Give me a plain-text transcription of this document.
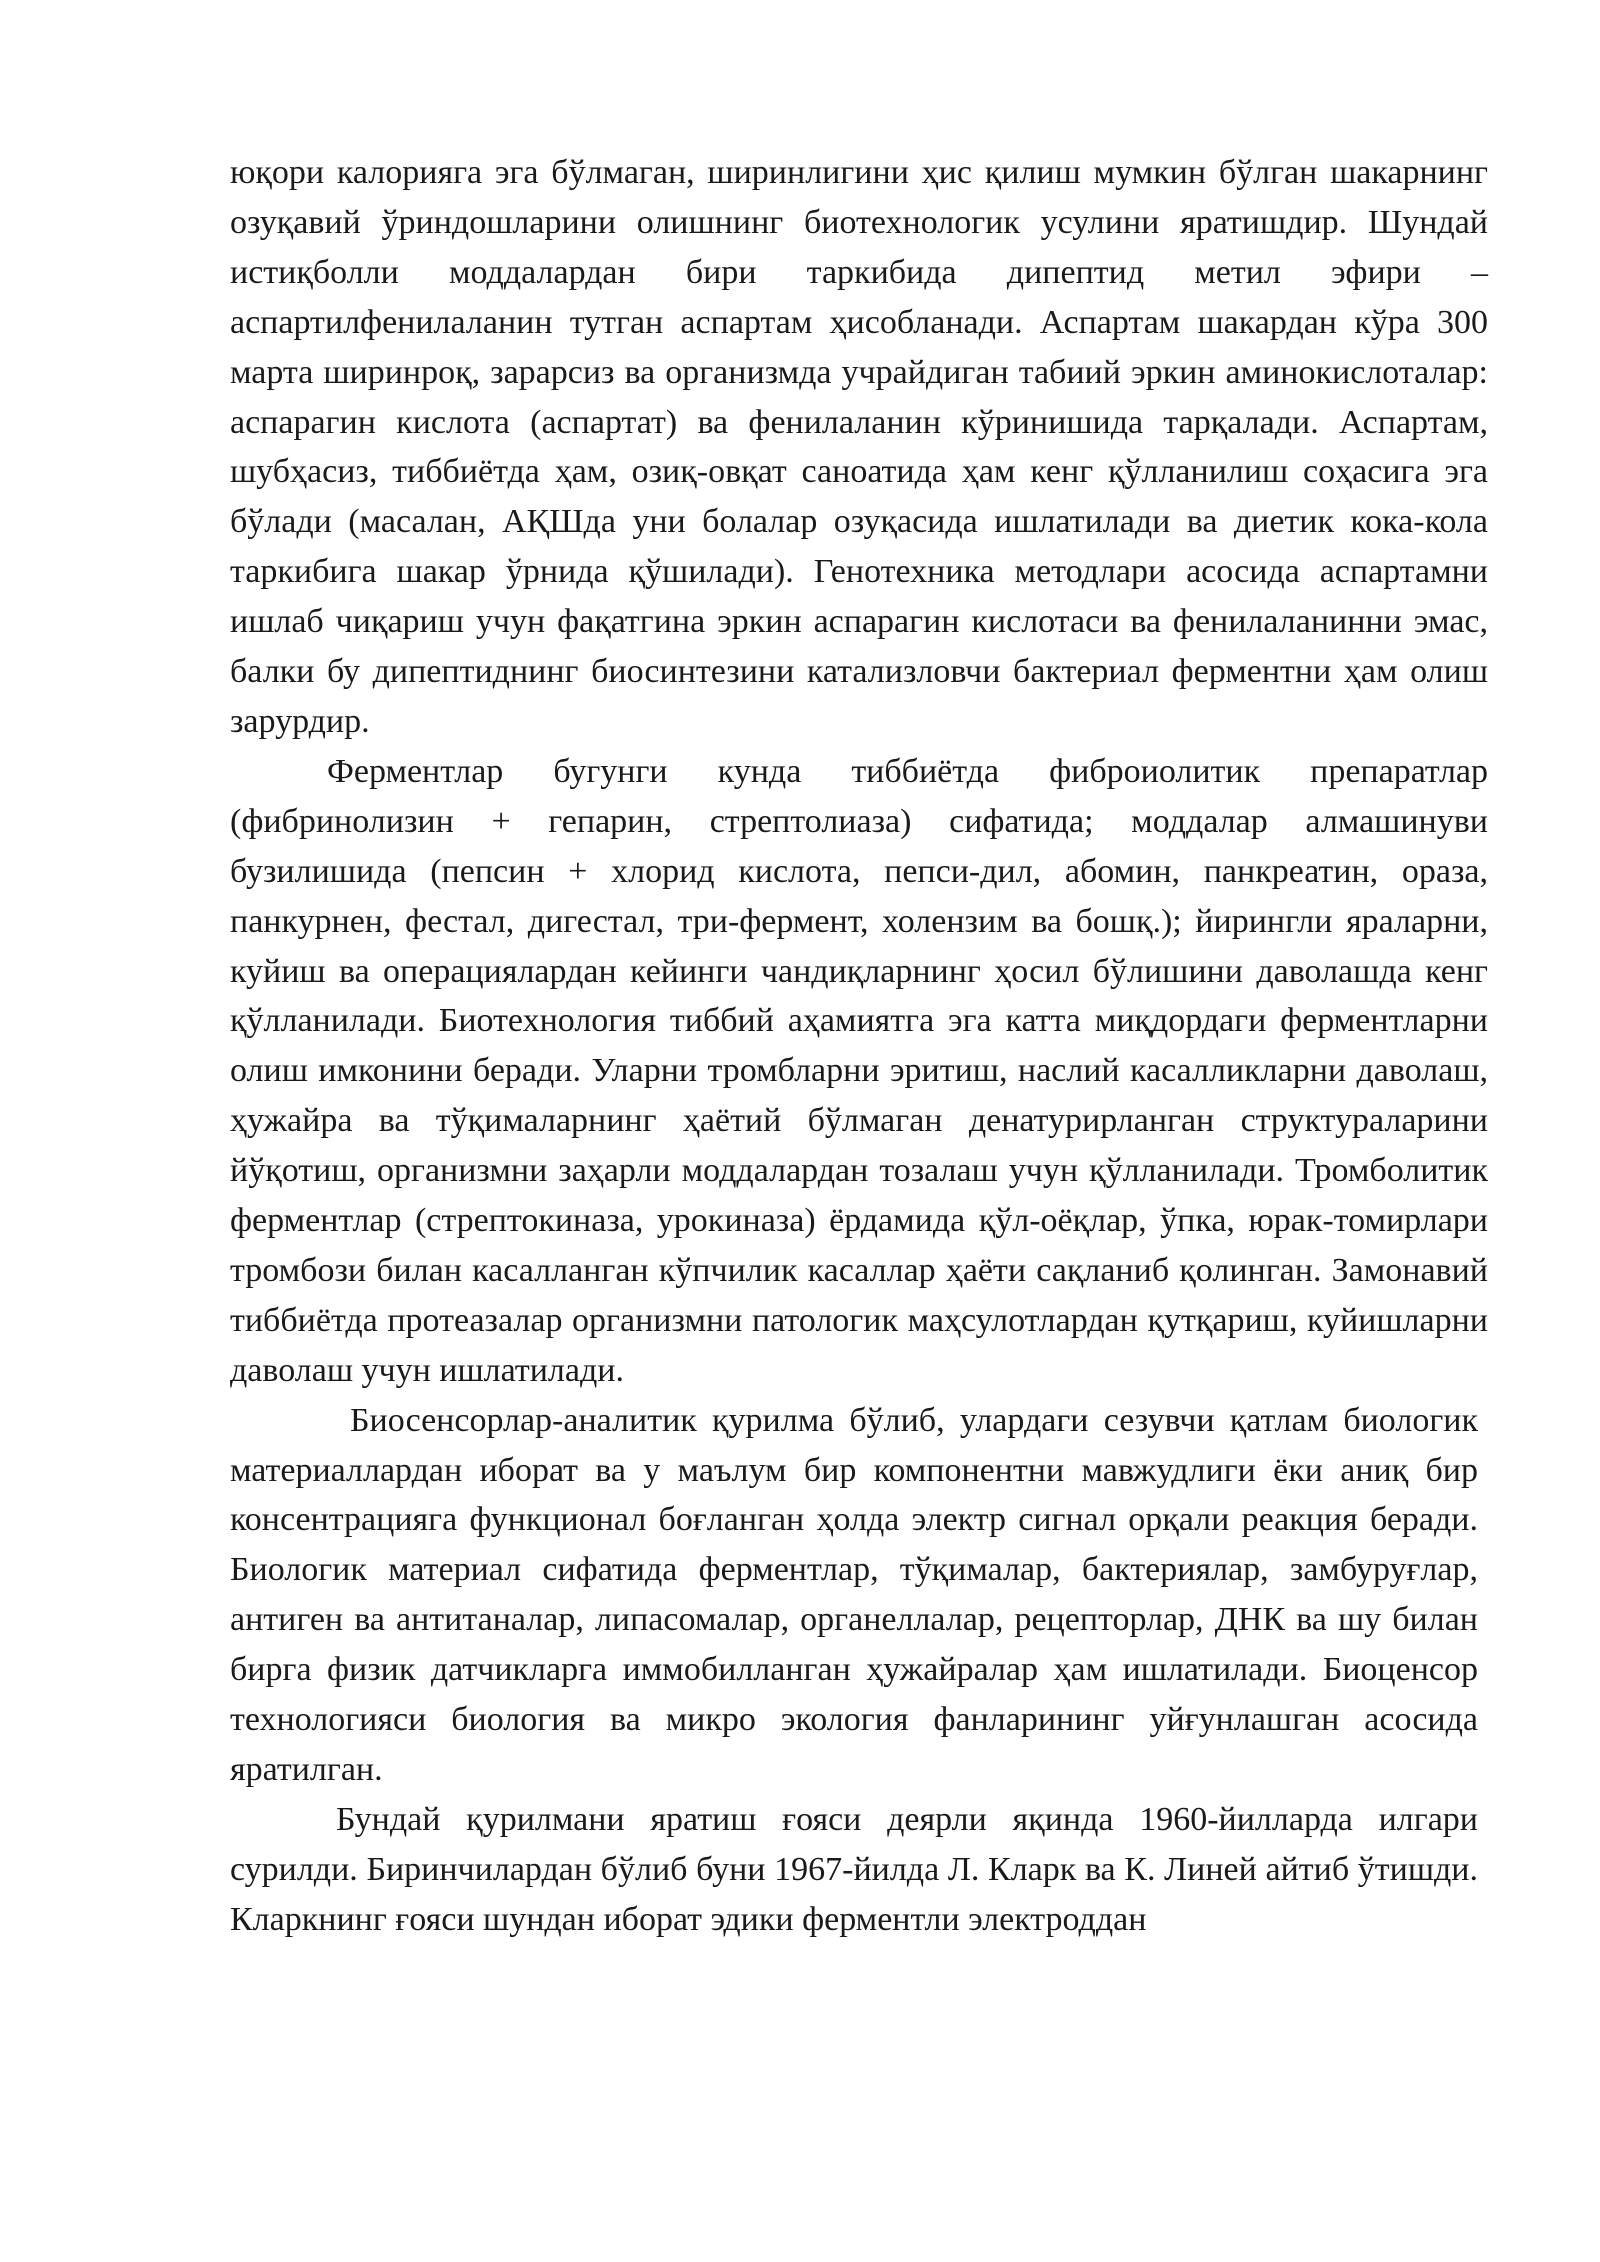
юқори калорияга эга бўлмаган, ширинлигини ҳис қилиш мумкин бўлган шакарнинг озуқавий ўриндошларини олишнинг биотехнологик усулини яратишдир. Шундай истиқболли моддалардан бири таркибида дипептид метил эфири – аспартилфенилаланин тутган аспартам ҳисобланади. Аспартам шакардан кўра 300 марта ширинроқ, зарарсиз ва организмда учрайдиган табиий эркин аминокислоталар: аспарагин кислота (аспартат) ва фенилаланин кўринишида тарқалади. Аспартам, шубҳасиз, тиббиётда ҳам, озиқ-овқат саноатида ҳам кенг қўлланилиш соҳасига эга бўлади (масалан, АҚШда уни болалар озуқасида ишлатилади ва диетик кока-кола таркибига шакар ўрнида қўшилади). Генотехника методлари асосида аспартамни ишлаб чиқариш учун фақатгина эркин аспарагин кислотаси ва фенилаланинни эмас, балки бу дипептиднинг биосинтезини катализловчи бактериал ферментни ҳам олиш зарурдир.

Ферментлар бугунги кунда тиббиётда фиброиолитик препаратлар (фибринолизин + гепарин, стрептолиаза) сифатида; моддалар алмашинуви бузилишида (пепсин + хлорид кислота, пепси-дил, абомин, панкреатин, ораза, панкурнен, фестал, дигестал, три-фермент, холензим ва бошқ.); йирингли яраларни, куйиш ва операциялардан кейинги чандиқларнинг ҳосил бўлишини даволашда кенг қўлланилади. Биотехнология тиббий аҳамиятга эга катта миқдордаги ферментларни олиш имконини беради. Уларни тромбларни эритиш, наслий касалликларни даволаш, ҳужайра ва тўқималарнинг ҳаётий бўлмаган денатурирланган структураларини йўқотиш, организмни заҳарли моддалардан тозалаш учун қўлланилади. Тромболитик ферментлар (стрептокиназа, урокиназа) ёрдамида қўл-оёқлар, ўпка, юрак-томирлари тромбози билан касалланган кўпчилик касаллар ҳаёти сақланиб қолинган. Замонавий тиббиётда протеазалар организмни патологик маҳсулотлардан қутқариш, куйишларни даволаш учун ишлатилади.

Биосенсорлар-аналитик қурилма бўлиб, улардаги сезувчи қатлам биологик материаллардан иборат ва у маълум бир компонентни мавжудлиги ёки аниқ бир консентрацияга функционал боғланган ҳолда электр сигнал орқали реакция беради. Биологик материал сифатида ферментлар, тўқималар, бактериялар, замбуруғлар, антиген ва антитаналар, липасомалар, органеллалар, рецепторлар, ДНК ва шу билан бирга физик датчикларга иммобилланган ҳужайралар ҳам ишлатилади. Биоценсор технологияси биология ва микро экология фанларининг уйғунлашган асосида яратилган.

Бундай қурилмани яратиш ғояси деярли яқинда 1960-йилларда илгари сурилди. Биринчилардан бўлиб буни 1967-йилда Л. Кларк ва К. Линей айтиб ўтишди. Кларкнинг ғояси шундан иборат эдики ферментли электроддан
